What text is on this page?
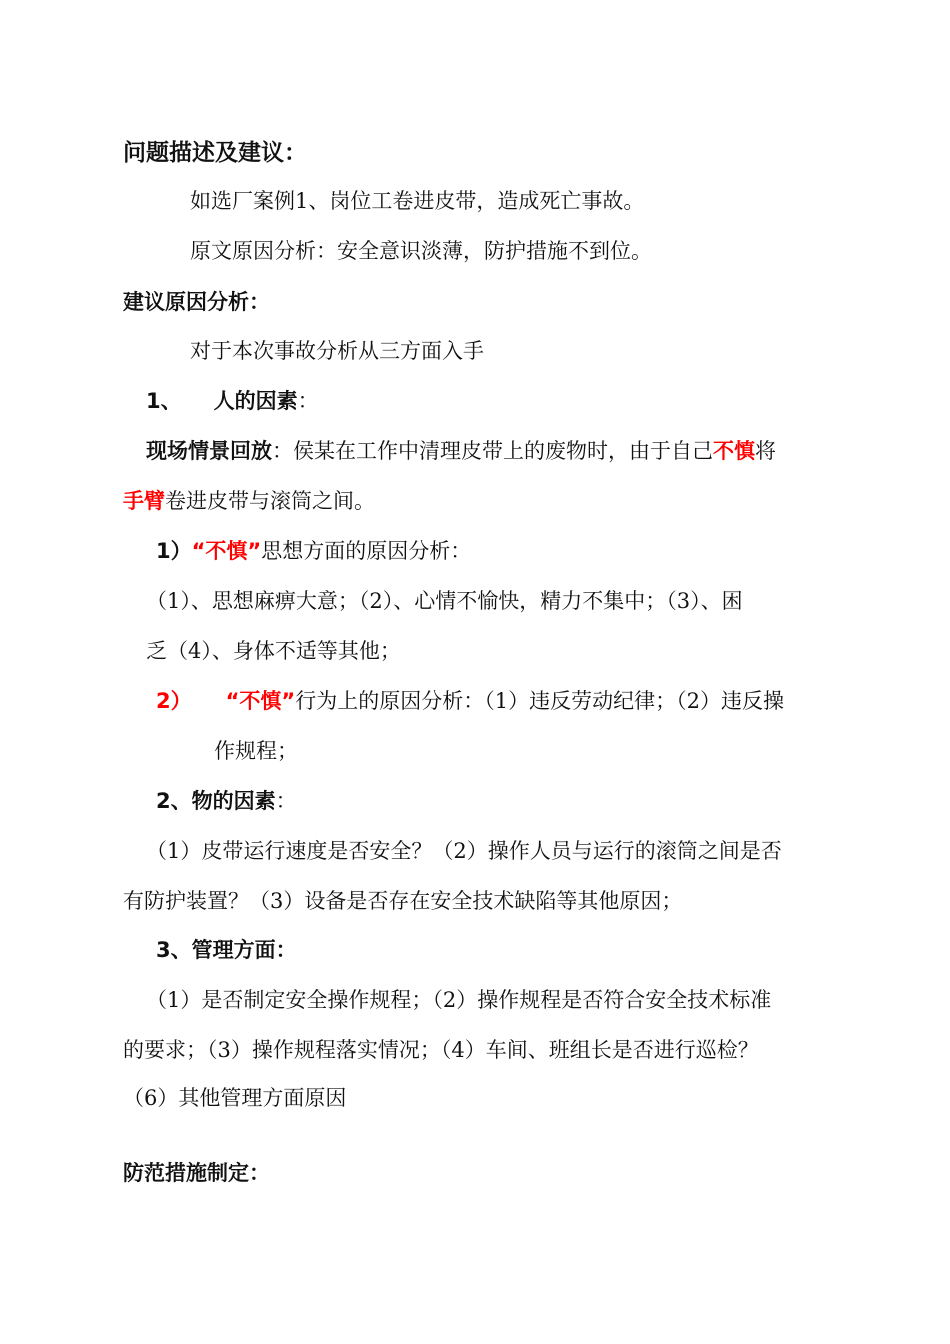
问题描述及建议：
如选厂案例1、岗位工卷进皮带，造成死亡事故。
原文原因分析：安全意识淡薄，防护措施不到位。
建议原因分析：
对于本次事故分析从三方面入手
1、 人的因素：
现场情景回放：侯某在工作中清理皮带上的废物时，由于自己不慎将
手臂卷进皮带与滚筒之间。
1）“不慎”思想方面的原因分析：
（1）、思想麻痹大意；（2）、心情不愉快，精力不集中；（3）、困
乏（4）、身体不适等其他；
2） “不慎”行为上的原因分析：（1）违反劳动纪律；（2）违反操
作规程；
2、物的因素：
（1）皮带运行速度是否安全？（2）操作人员与运行的滚筒之间是否
有防护装置？（3）设备是否存在安全技术缺陷等其他原因；
3、管理方面：
（1）是否制定安全操作规程；（2）操作规程是否符合安全技术标准
的要求；（3）操作规程落实情况；（4）车间、班组长是否进行巡检？
（6）其他管理方面原因
防范措施制定：
